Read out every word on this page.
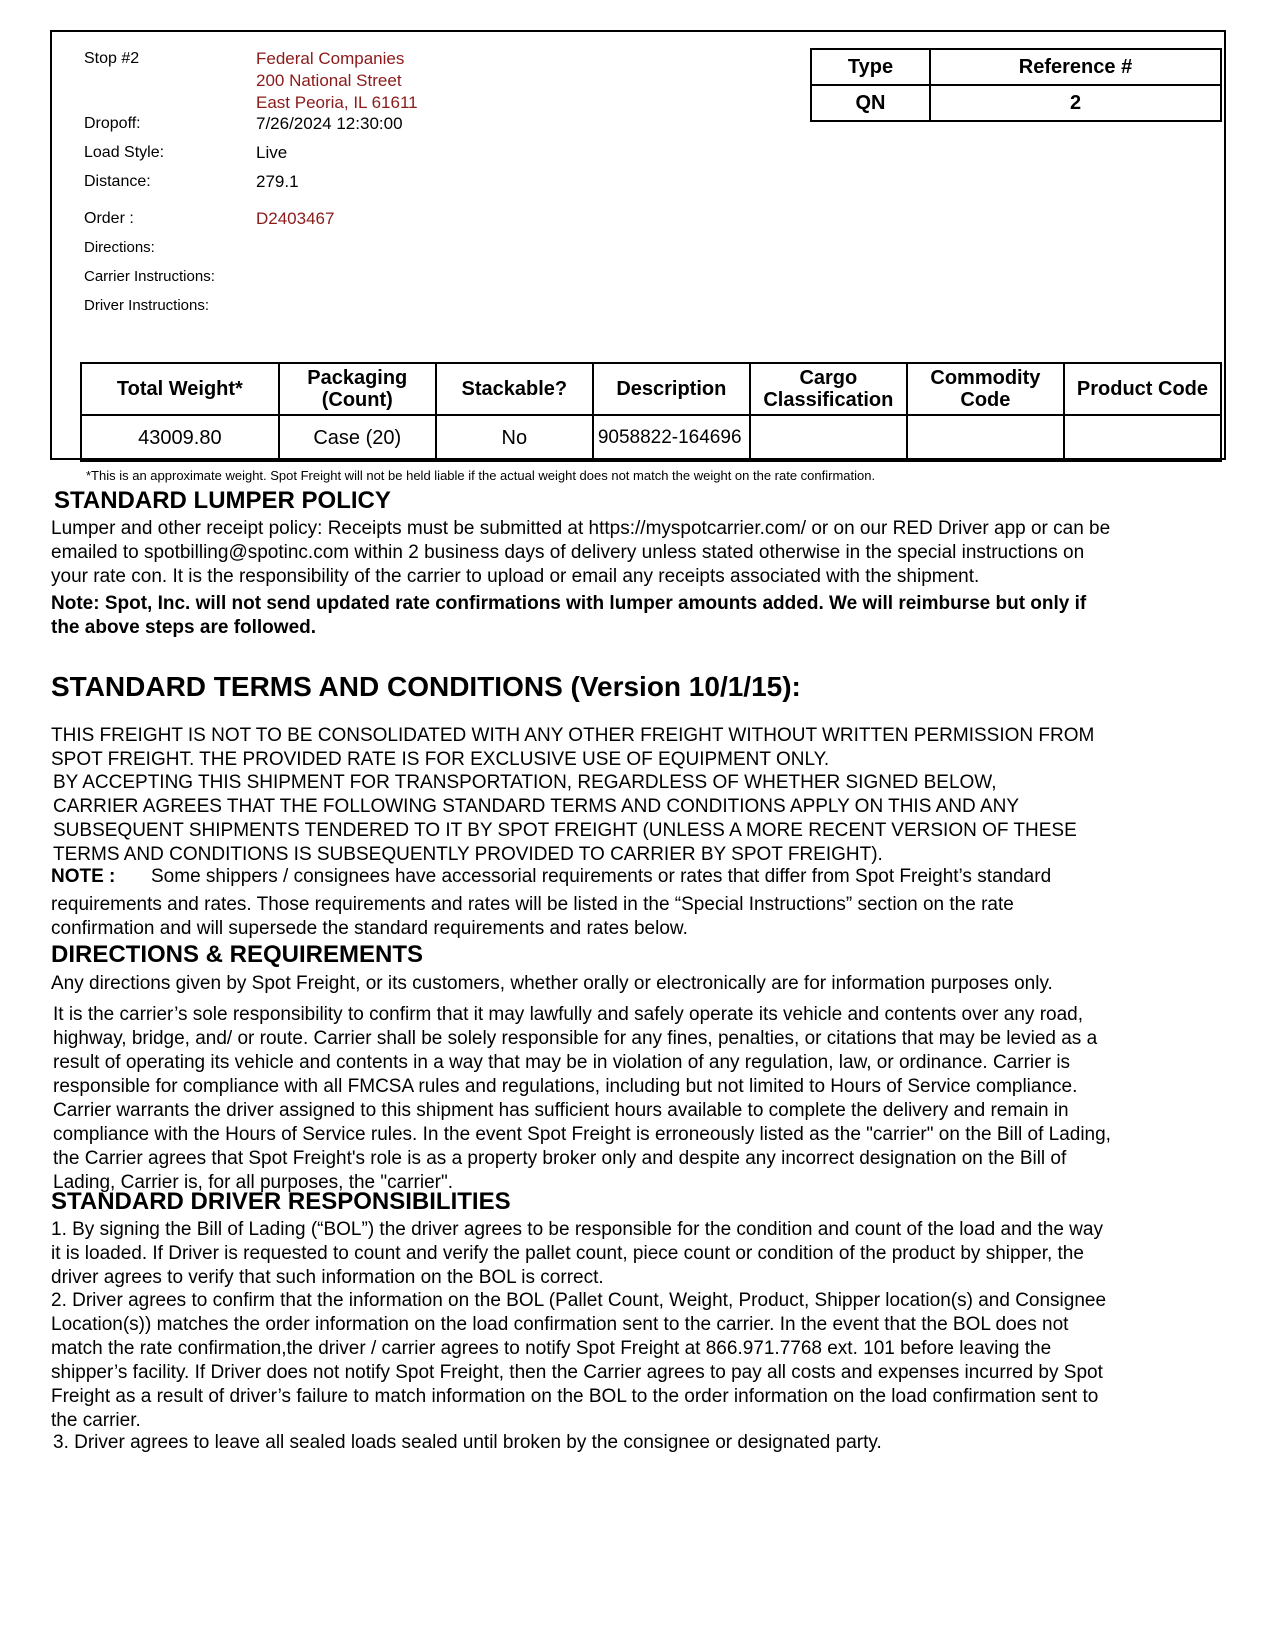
Stop #2	Federal Companies
200 National Street
East Peoria, IL 61611
Dropoff:	7/26/2024 12:30:00
Load Style:	Live
Distance:	279.1
Order :	D2403467
Directions:
Carrier Instructions:
Driver Instructions:
Type	Reference #
QN	2
Total Weight*	Packaging (Count)	Stackable?	Description	Cargo Classification	Commodity Code	Product Code
43009.80	Case (20)	No	9058822-164696			
*This is an approximate weight. Spot Freight will not be held liable if the actual weight does not match the weight on the rate confirmation.
STANDARD LUMPER POLICY

Lumper and other receipt policy: Receipts must be submitted at https://myspotcarrier.com/ or on our RED Driver app or can be
emailed to spotbilling@spotinc.com within 2 business days of delivery unless stated otherwise in the special instructions on
your rate con. It is the responsibility of the carrier to upload or email any receipts associated with the shipment.

Note: Spot, Inc. will not send updated rate confirmations with lumper amounts added. We will reimburse but only if
the above steps are followed.

STANDARD TERMS AND CONDITIONS (Version 10/1/15):

THIS FREIGHT IS NOT TO BE CONSOLIDATED WITH ANY OTHER FREIGHT WITHOUT WRITTEN PERMISSION FROM
SPOT FREIGHT. THE PROVIDED RATE IS FOR EXCLUSIVE USE OF EQUIPMENT ONLY.

BY ACCEPTING THIS SHIPMENT FOR TRANSPORTATION, REGARDLESS OF WHETHER SIGNED BELOW,
CARRIER AGREES THAT THE FOLLOWING STANDARD TERMS AND CONDITIONS APPLY ON THIS AND ANY
SUBSEQUENT SHIPMENTS TENDERED TO IT BY SPOT FREIGHT (UNLESS A MORE RECENT VERSION OF THESE
TERMS AND CONDITIONS IS SUBSEQUENTLY PROVIDED TO CARRIER BY SPOT FREIGHT).

NOTE : Some shippers / consignees have accessorial requirements or rates that differ from Spot Freight’s standard

requirements and rates. Those requirements and rates will be listed in the “Special Instructions” section on the rate
confirmation and will supersede the standard requirements and rates below.

DIRECTIONS & REQUIREMENTS

Any directions given by Spot Freight, or its customers, whether orally or electronically are for information purposes only.

It is the carrier’s sole responsibility to confirm that it may lawfully and safely operate its vehicle and contents over any road,
highway, bridge, and/ or route. Carrier shall be solely responsible for any fines, penalties, or citations that may be levied as a
result of operating its vehicle and contents in a way that may be in violation of any regulation, law, or ordinance. Carrier is
responsible for compliance with all FMCSA rules and regulations, including but not limited to Hours of Service compliance.
Carrier warrants the driver assigned to this shipment has sufficient hours available to complete the delivery and remain in
compliance with the Hours of Service rules. In the event Spot Freight is erroneously listed as the "carrier" on the Bill of Lading,
the Carrier agrees that Spot Freight's role is as a property broker only and despite any incorrect designation on the Bill of
Lading, Carrier is, for all purposes, the "carrier".

STANDARD DRIVER RESPONSIBILITIES

1. By signing the Bill of Lading (“BOL”) the driver agrees to be responsible for the condition and count of the load and the way
it is loaded. If Driver is requested to count and verify the pallet count, piece count or condition of the product by shipper, the
driver agrees to verify that such information on the BOL is correct.

2. Driver agrees to confirm that the information on the BOL (Pallet Count, Weight, Product, Shipper location(s) and Consignee
Location(s)) matches the order information on the load confirmation sent to the carrier. In the event that the BOL does not
match the rate confirmation,the driver / carrier agrees to notify Spot Freight at 866.971.7768 ext. 101 before leaving the
shipper’s facility. If Driver does not notify Spot Freight, then the Carrier agrees to pay all costs and expenses incurred by Spot
Freight as a result of driver’s failure to match information on the BOL to the order information on the load confirmation sent to
the carrier.

3. Driver agrees to leave all sealed loads sealed until broken by the consignee or designated party.
